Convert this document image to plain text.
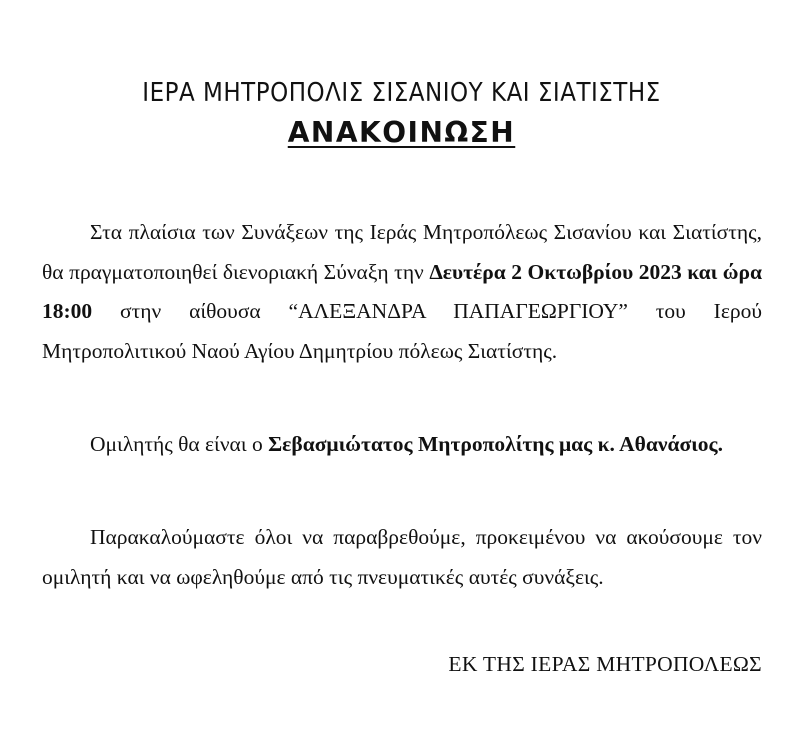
ΙΕΡΑ ΜΗΤΡΟΠΟΛΙΣ ΣΙΣΑΝΙΟΥ ΚΑΙ ΣΙΑΤΙΣΤΗΣ
ΑΝΑΚΟΙΝΩΣΗ
Στα πλαίσια των Συνάξεων της Ιεράς Μητροπόλεως Σισανίου και Σιατίστης, θα πραγματοποιηθεί διενοριακή Σύναξη την Δευτέρα 2 Οκτωβρίου 2023 και ώρα 18:00 στην αίθουσα “ΑΛΕΞΑΝΔΡΑ ΠΑΠΑΓΕΩΡΓΙΟΥ” του Ιερού Μητροπολιτικού Ναού Αγίου Δημητρίου πόλεως Σιατίστης.
Ομιλητής θα είναι ο Σεβασμιώτατος Μητροπολίτης μας κ. Αθανάσιος.
Παρακαλούμαστε όλοι να παραβρεθούμε, προκειμένου να ακούσουμε τον ομιλητή και να ωφεληθούμε από τις πνευματικές αυτές συνάξεις.
ΕΚ ΤΗΣ ΙΕΡΑΣ ΜΗΤΡΟΠΟΛΕΩΣ
